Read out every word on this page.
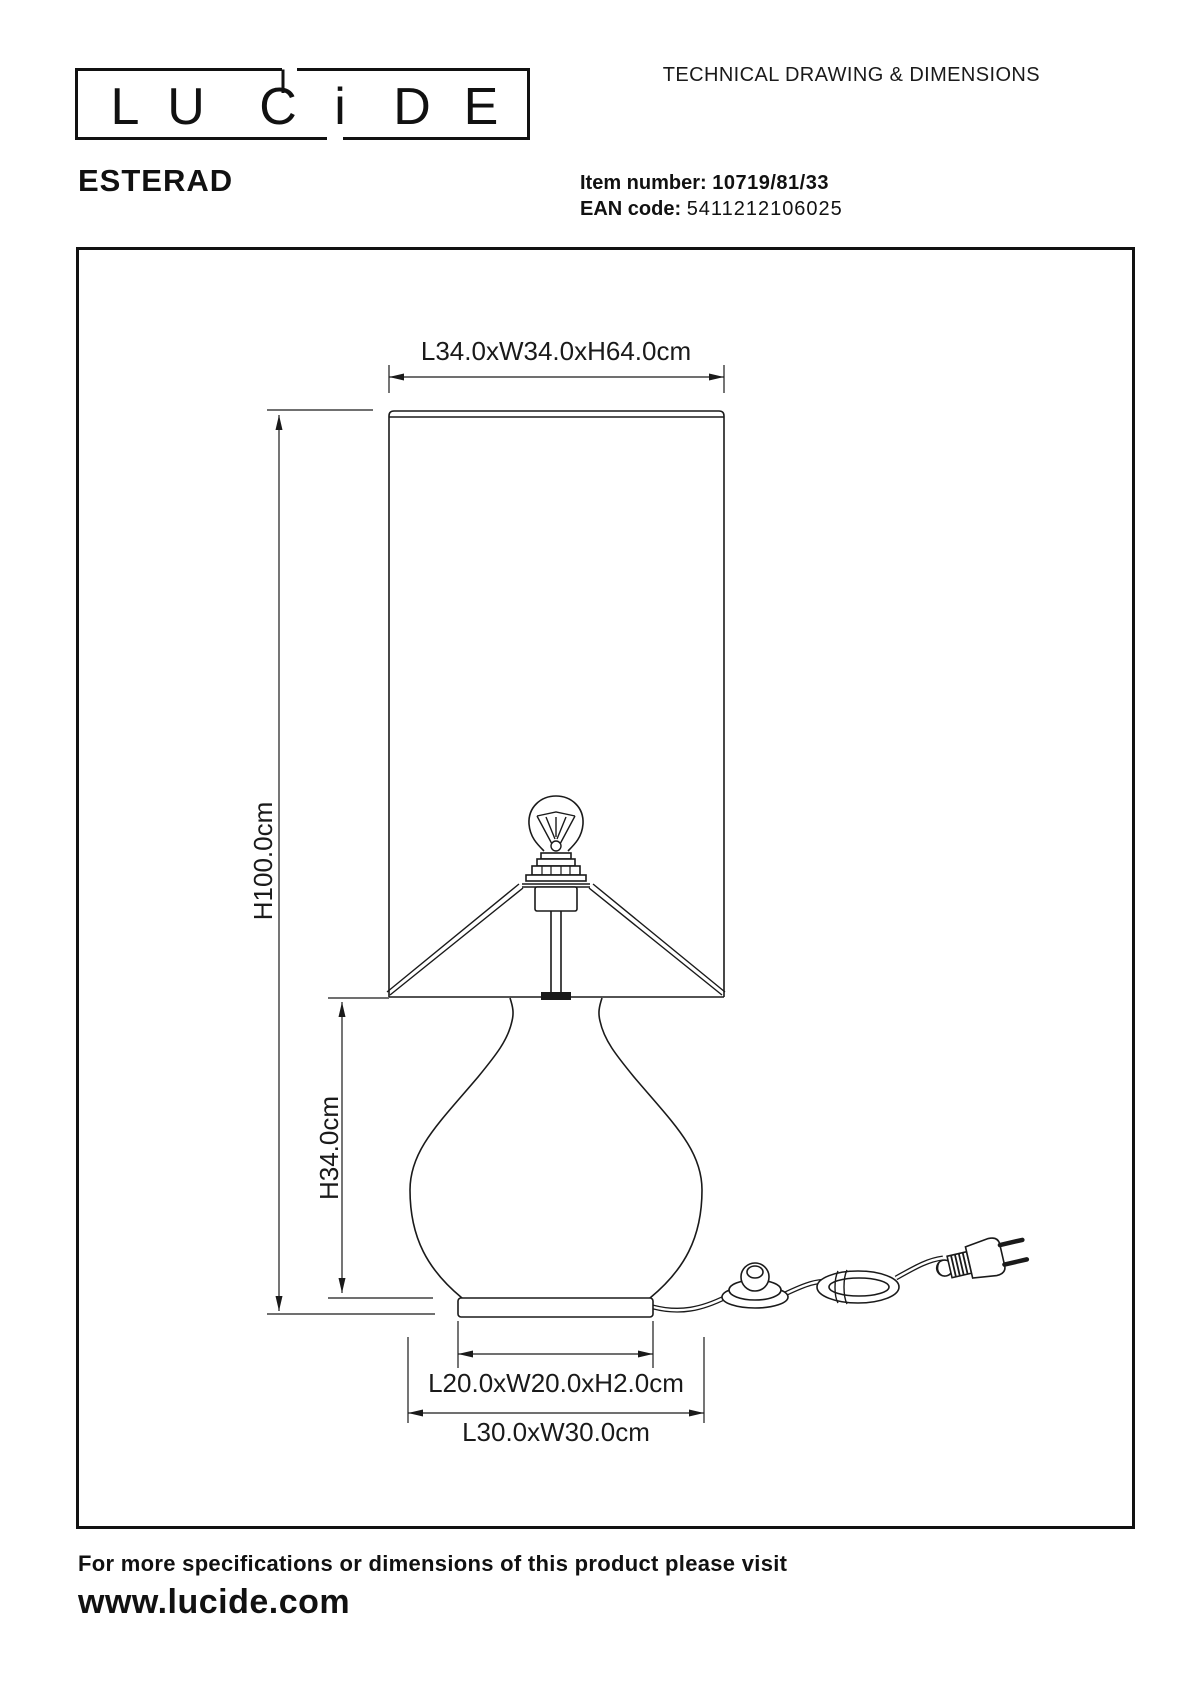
L U C i D E
TECHNICAL DRAWING & DIMENSIONS
ESTERAD	Item number: 10719/81/33
EAN code: 5411212106025
L34.0xW34.0xH64.0cm
H100.0cm
H34.0cm
L20.0xW20.0xH2.0cm
L30.0xW30.0cm
For more specifications or dimensions of this product please visit
www.lucide.com
